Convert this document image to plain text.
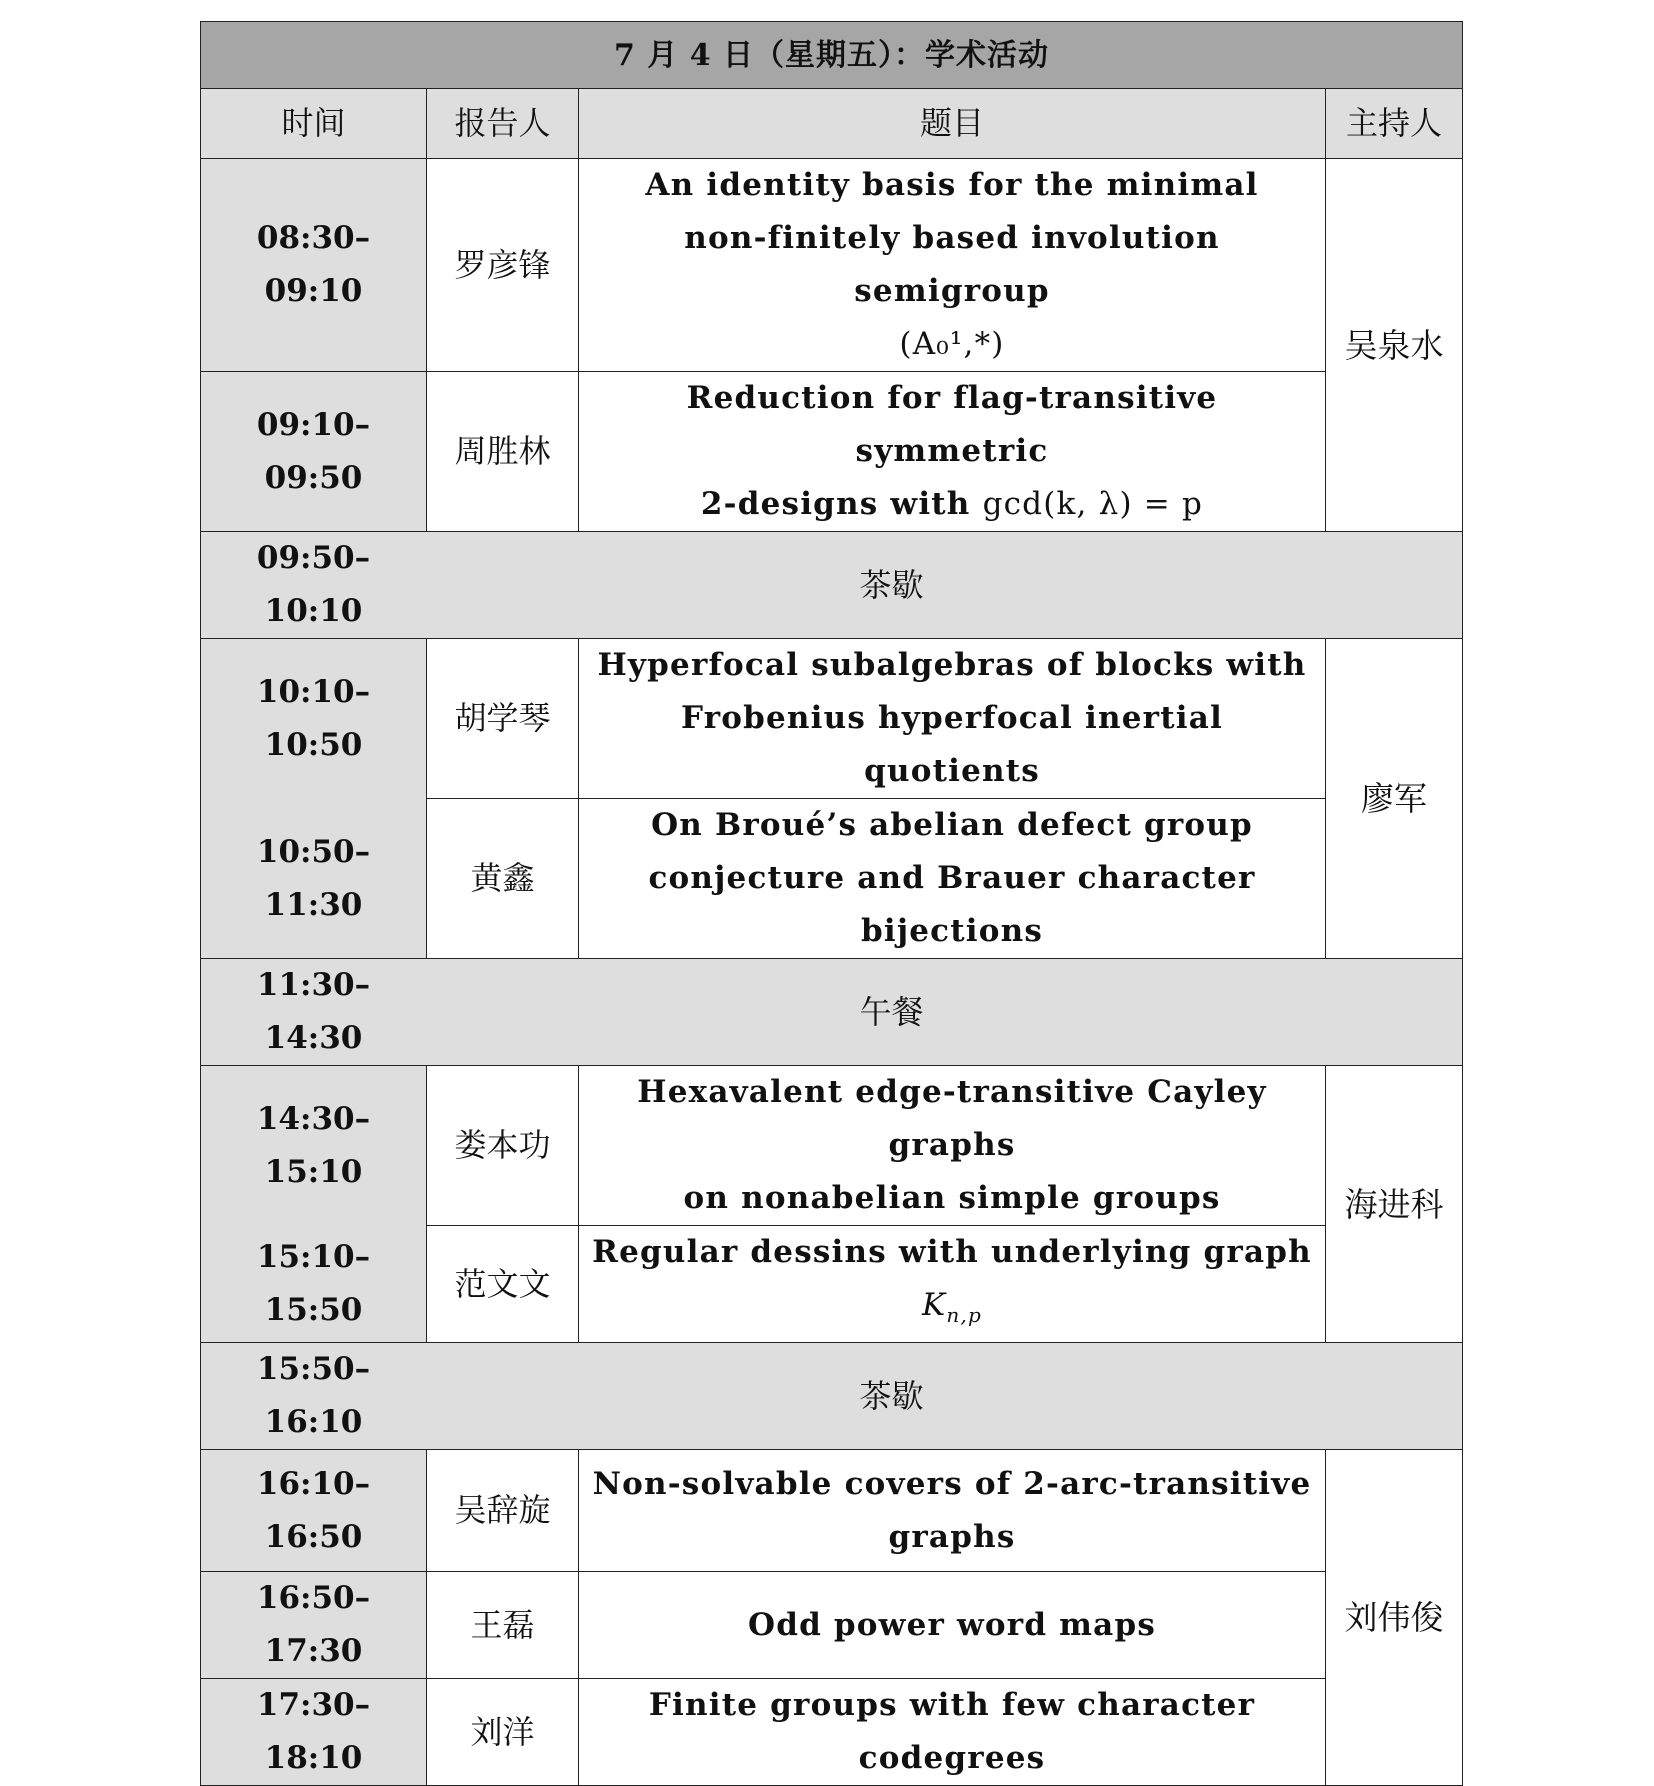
7 月 4 日（星期五）：学术活动			
时间	报告人	题目	主持人
08:30–09:10	罗彦锋	An identity basis for the minimal
non-finitely based involution semigroup
(A₀¹,*)	吴泉水
09:10–09:50	周胜林	Reduction for flag-transitive symmetric
2-designs with gcd(k, λ) = p	

09:50–10:10	茶歇		
10:10–10:50	胡学琴	Hyperfocal subalgebras of blocks with
Frobenius hyperfocal inertial quotients	廖军
10:50–11:30	黄鑫	On Broué’s abelian defect group
conjecture and Brauer character bijections	

11:30–14:30	午餐		
14:30–15:10	娄本功	Hexavalent edge-transitive Cayley graphs
on nonabelian simple groups	海进科
15:10–15:50	范文文	Regular dessins with underlying graph $K_{n,p}$
15:50–16:10	茶歇		
16:10–16:50	吴辞旋	Non-solvable covers of 2-arc-transitive
graphs	刘伟俊
16:50–17:30	王磊	Odd power word maps	
17:30–18:10	刘洋	Finite groups with few character codegrees	
